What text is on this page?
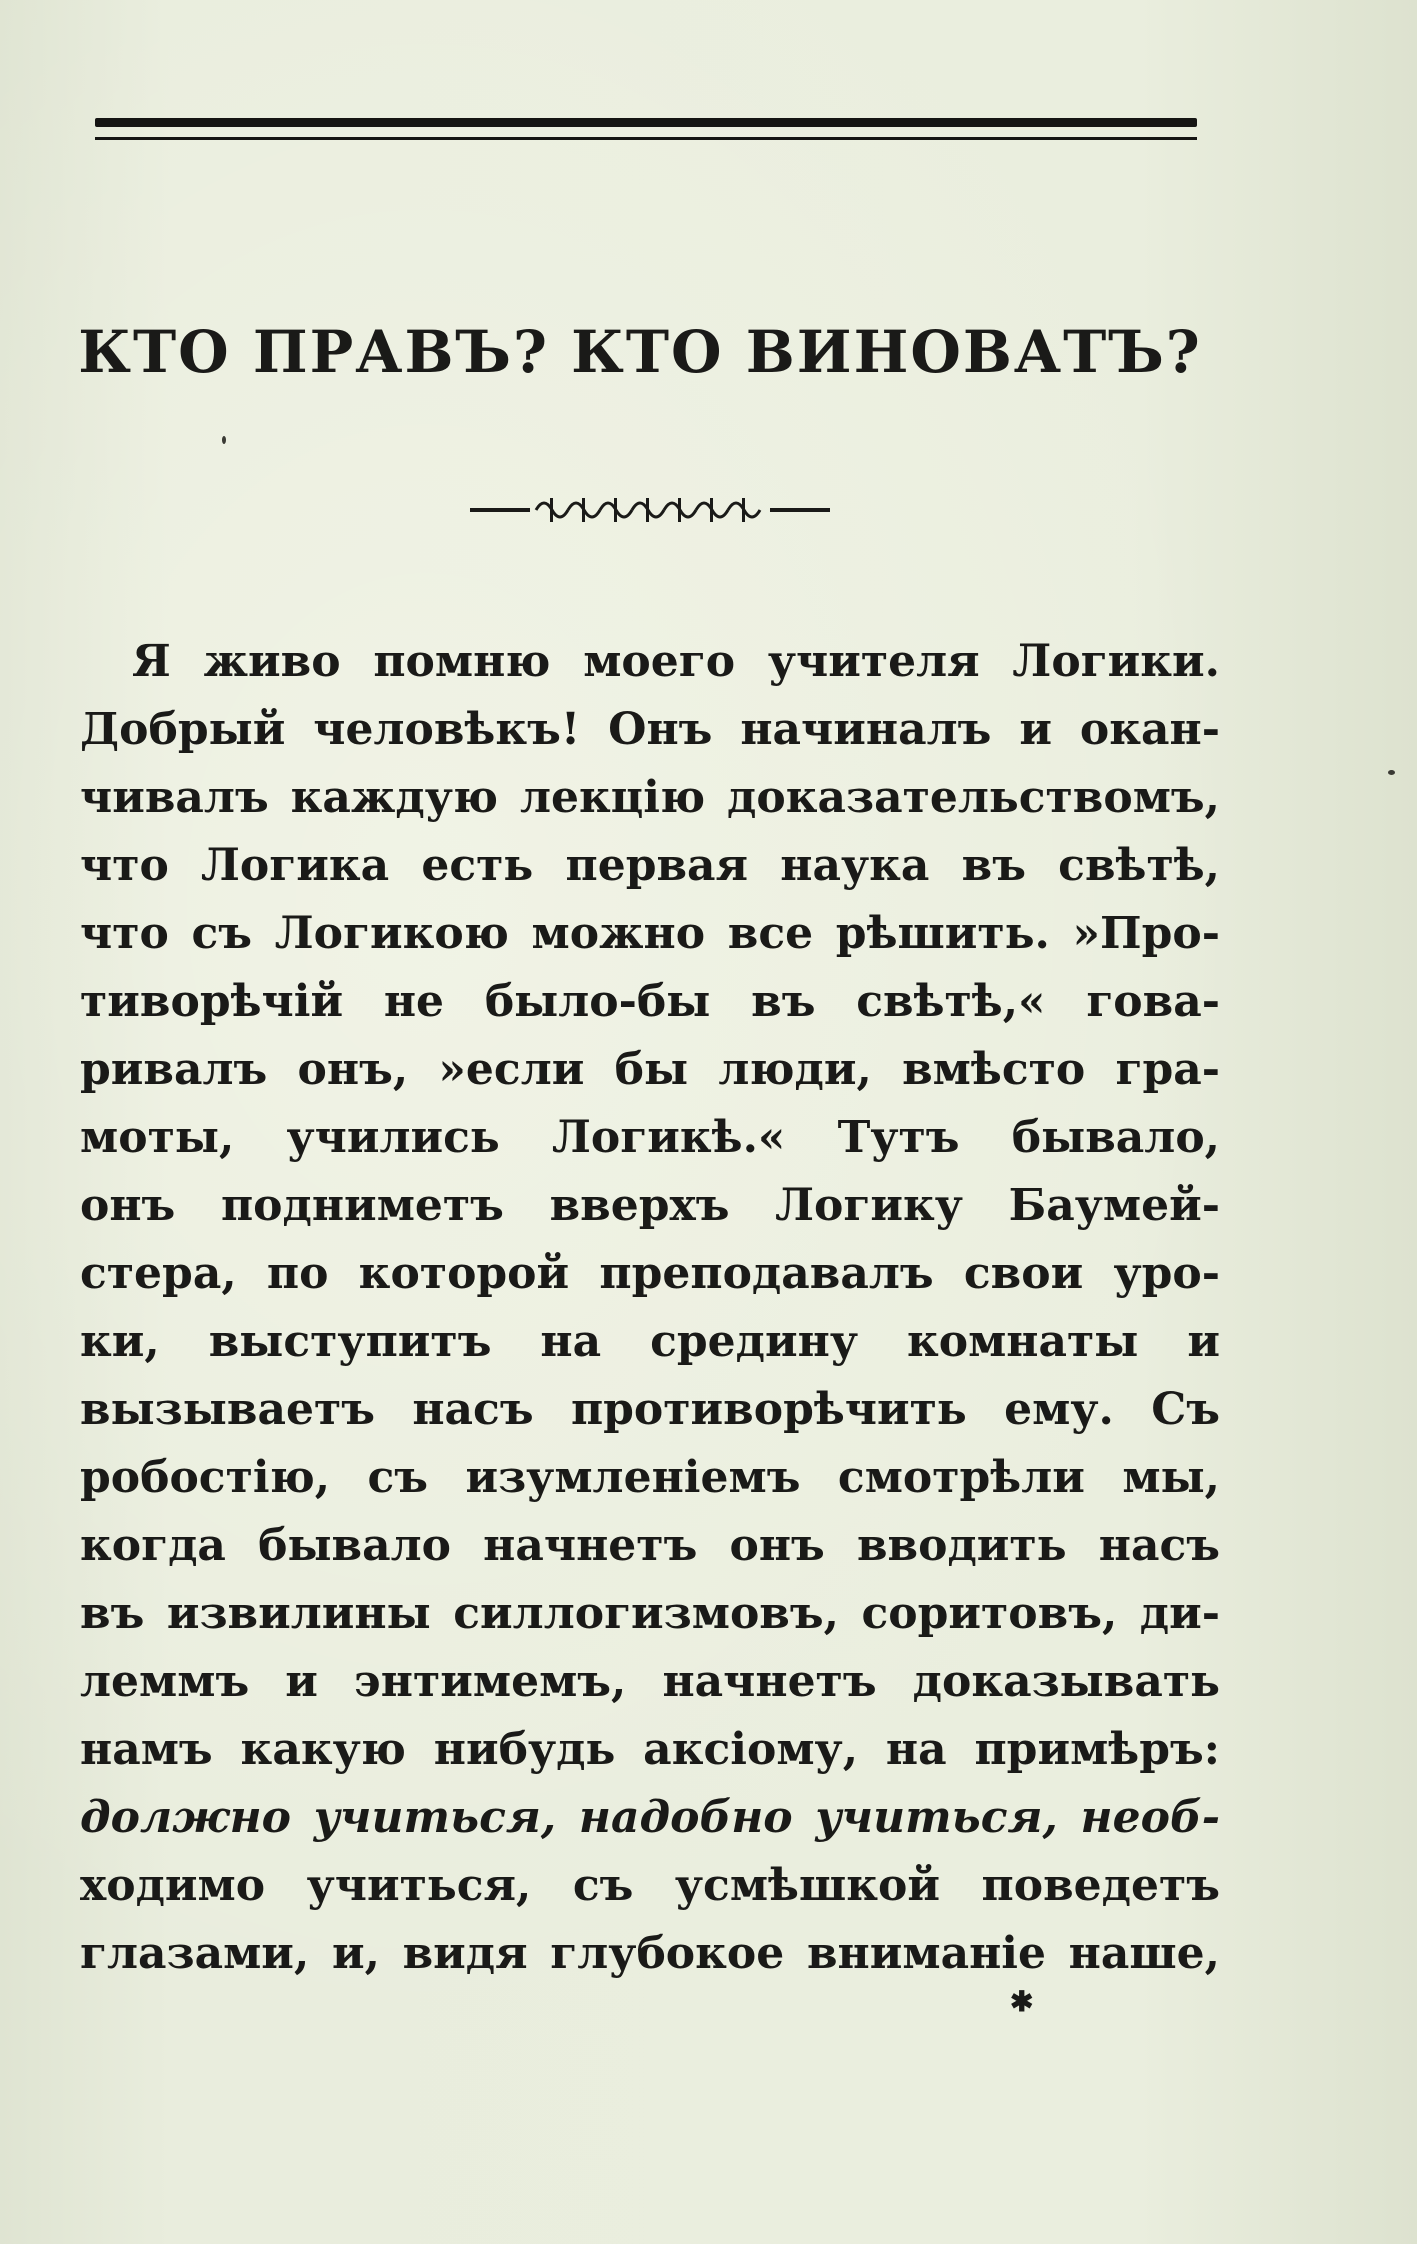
КТО ПРАВЪ? КТО ВИНОВАТЪ?
Я живо помню моего учителя Логики.
Добрый человѣкъ! Онъ начиналъ и окан-
чивалъ каждую лекцію доказательствомъ,
что Логика есть первая наука въ свѣтѣ,
что съ Логикою можно все рѣшить. »Про-
тиворѣчій не было-бы въ свѣтѣ,« гова-
ривалъ онъ, »если бы люди, вмѣсто гра-
моты, учились Логикѣ.« Тутъ бывало,
онъ подниметъ вверхъ Логику Баумей-
стера, по которой преподавалъ свои уро-
ки, выступитъ на средину комнаты и
вызываетъ насъ противорѣчить ему. Съ
робостію, съ изумленіемъ смотрѣли мы,
когда бывало начнетъ онъ вводить насъ
въ извилины силлогизмовъ, соритовъ, ди-
леммъ и энтимемъ, начнетъ доказывать
намъ какую нибудь аксіому, на примѣръ:
должно учиться, надобно учиться, необ-
ходимо учиться, съ усмѣшкой поведетъ
глазами, и, видя глубокое вниманіе наше,
✱
